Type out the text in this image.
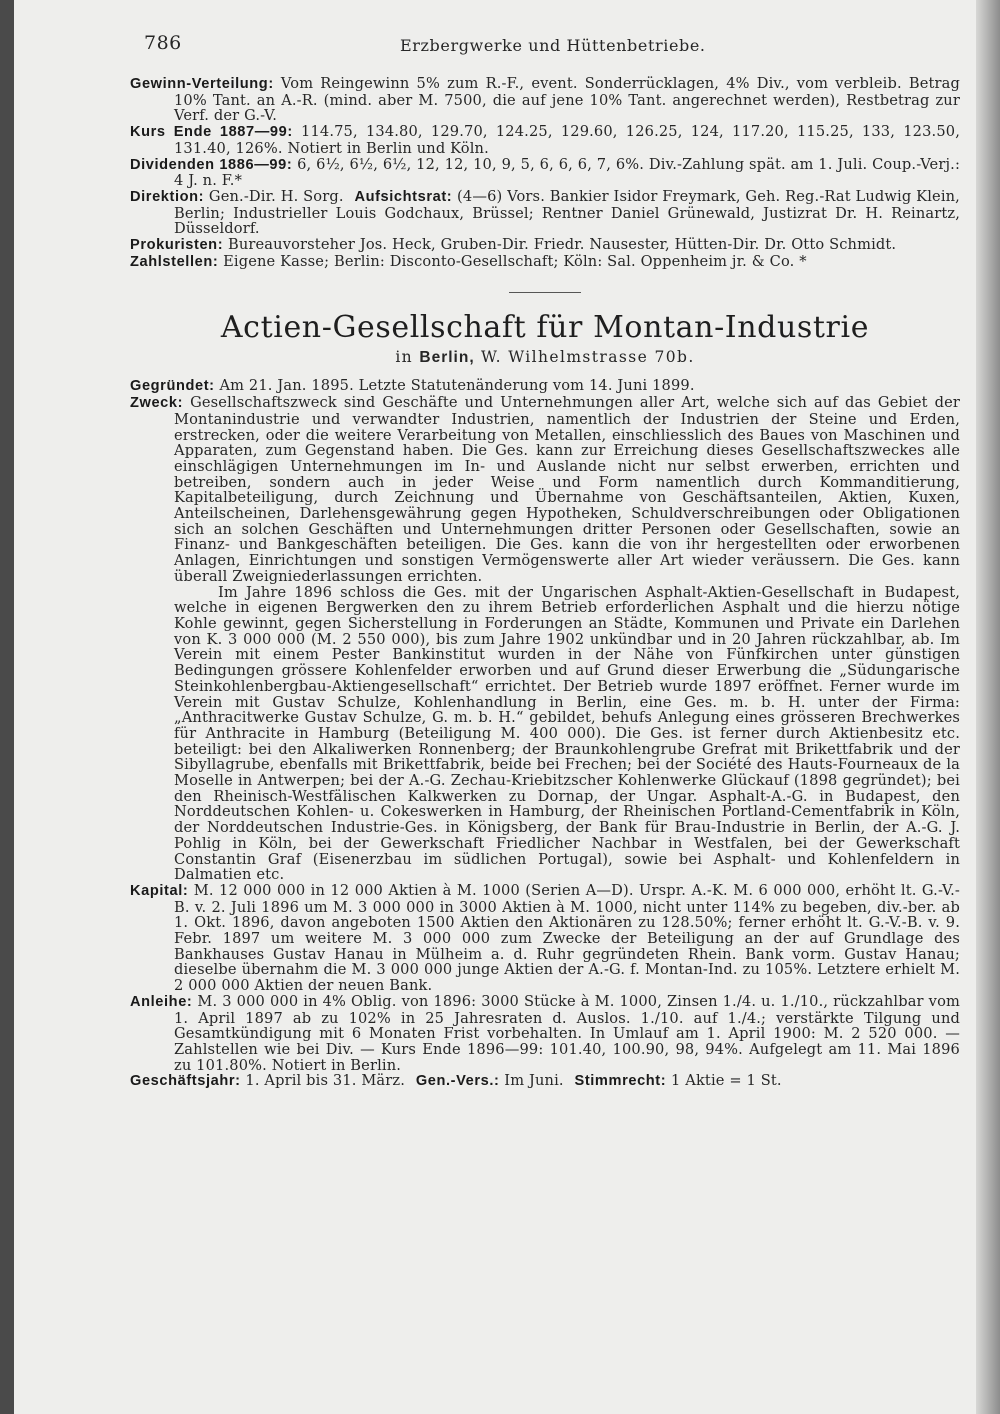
786	Erzbergwerke und Hüttenbetriebe.

Gewinn-Verteilung: Vom Reingewinn 5% zum R.-F., event. Sonderrücklagen, 4% Div., vom verbleib. Betrag 10% Tant. an A.-R. (mind. aber M. 7500, die auf jene 10% Tant. angerechnet werden), Restbetrag zur Verf. der G.-V.

Kurs Ende 1887—99: 114.75, 134.80, 129.70, 124.25, 129.60, 126.25, 124, 117.20, 115.25, 133, 123.50, 131.40, 126%. Notiert in Berlin und Köln.

Dividenden 1886—99: 6, 6½, 6½, 6½, 12, 12, 10, 9, 5, 6, 6, 6, 7, 6%. Div.-Zahlung spät. am 1. Juli. Coup.-Verj.: 4 J. n. F.*

Direktion: Gen.-Dir. H. Sorg. Aufsichtsrat: (4—6) Vors. Bankier Isidor Freymark, Geh. Reg.-Rat Ludwig Klein, Berlin; Industrieller Louis Godchaux, Brüssel; Rentner Daniel Grünewald, Justizrat Dr. H. Reinartz, Düsseldorf.

Prokuristen: Bureauvorsteher Jos. Heck, Gruben-Dir. Friedr. Nausester, Hütten-Dir. Dr. Otto Schmidt.

Zahlstellen: Eigene Kasse; Berlin: Disconto-Gesellschaft; Köln: Sal. Oppenheim jr. & Co. *

Actien-Gesellschaft für Montan-Industrie
in Berlin, W. Wilhelmstrasse 70b.

Gegründet: Am 21. Jan. 1895. Letzte Statutenänderung vom 14. Juni 1899.

Zweck: Gesellschaftszweck sind Geschäfte und Unternehmungen aller Art, welche sich auf das Gebiet der Montanindustrie und verwandter Industrien, namentlich der Industrien der Steine und Erden, erstrecken, oder die weitere Verarbeitung von Metallen, einschliesslich des Baues von Maschinen und Apparaten, zum Gegenstand haben. Die Ges. kann zur Erreichung dieses Gesellschaftszweckes alle einschlägigen Unternehmungen im In- und Auslande nicht nur selbst erwerben, errichten und betreiben, sondern auch in jeder Weise und Form namentlich durch Kommanditierung, Kapitalbeteiligung, durch Zeichnung und Übernahme von Geschäftsanteilen, Aktien, Kuxen, Anteilscheinen, Darlehensgewährung gegen Hypotheken, Schuldverschreibungen oder Obligationen sich an solchen Geschäften und Unternehmungen dritter Personen oder Gesellschaften, sowie an Finanz- und Bankgeschäften beteiligen. Die Ges. kann die von ihr hergestellten oder erworbenen Anlagen, Einrichtungen und sonstigen Vermögenswerte aller Art wieder veräussern. Die Ges. kann überall Zweigniederlassungen errichten.

Im Jahre 1896 schloss die Ges. mit der Ungarischen Asphalt-Aktien-Gesellschaft in Budapest, welche in eigenen Bergwerken den zu ihrem Betrieb erforderlichen Asphalt und die hierzu nötige Kohle gewinnt, gegen Sicherstellung in Forderungen an Städte, Kommunen und Private ein Darlehen von K. 3 000 000 (M. 2 550 000), bis zum Jahre 1902 unkündbar und in 20 Jahren rückzahlbar, ab. Im Verein mit einem Pester Bankinstitut wurden in der Nähe von Fünfkirchen unter günstigen Bedingungen grössere Kohlenfelder erworben und auf Grund dieser Erwerbung die „Südungarische Steinkohlenbergbau-Aktiengesellschaft“ errichtet. Der Betrieb wurde 1897 eröffnet. Ferner wurde im Verein mit Gustav Schulze, Kohlenhandlung in Berlin, eine Ges. m. b. H. unter der Firma: „Anthracitwerke Gustav Schulze, G. m. b. H.“ gebildet, behufs Anlegung eines grösseren Brechwerkes für Anthracite in Hamburg (Beteiligung M. 400 000). Die Ges. ist ferner durch Aktienbesitz etc. beteiligt: bei den Alkaliwerken Ronnenberg; der Braunkohlengrube Grefrat mit Brikettfabrik und der Sibyllagrube, ebenfalls mit Brikettfabrik, beide bei Frechen; bei der Société des Hauts-Fourneaux de la Moselle in Antwerpen; bei der A.-G. Zechau-Kriebitzscher Kohlenwerke Glückauf (1898 gegründet); bei den Rheinisch-Westfälischen Kalkwerken zu Dornap, der Ungar. Asphalt-A.-G. in Budapest, den Norddeutschen Kohlen- u. Cokeswerken in Hamburg, der Rheinischen Portland-Cementfabrik in Köln, der Norddeutschen Industrie-Ges. in Königsberg, der Bank für Brau-Industrie in Berlin, der A.-G. J. Pohlig in Köln, bei der Gewerkschaft Friedlicher Nachbar in Westfalen, bei der Gewerkschaft Constantin Graf (Eisenerzbau im südlichen Portugal), sowie bei Asphalt- und Kohlenfeldern in Dalmatien etc.

Kapital: M. 12 000 000 in 12 000 Aktien à M. 1000 (Serien A—D). Urspr. A.-K. M. 6 000 000, erhöht lt. G.-V.-B. v. 2. Juli 1896 um M. 3 000 000 in 3000 Aktien à M. 1000, nicht unter 114% zu begeben, div.-ber. ab 1. Okt. 1896, davon angeboten 1500 Aktien den Aktionären zu 128.50%; ferner erhöht lt. G.-V.-B. v. 9. Febr. 1897 um weitere M. 3 000 000 zum Zwecke der Beteiligung an der auf Grundlage des Bankhauses Gustav Hanau in Mülheim a. d. Ruhr gegründeten Rhein. Bank vorm. Gustav Hanau; dieselbe übernahm die M. 3 000 000 junge Aktien der A.-G. f. Montan-Ind. zu 105%. Letztere erhielt M. 2 000 000 Aktien der neuen Bank.

Anleihe: M. 3 000 000 in 4% Oblig. von 1896: 3000 Stücke à M. 1000, Zinsen 1./4. u. 1./10., rückzahlbar vom 1. April 1897 ab zu 102% in 25 Jahresraten d. Auslos. 1./10. auf 1./4.; verstärkte Tilgung und Gesamtkündigung mit 6 Monaten Frist vorbehalten. In Umlauf am 1. April 1900: M. 2 520 000. — Zahlstellen wie bei Div. — Kurs Ende 1896—99: 101.40, 100.90, 98, 94%. Aufgelegt am 11. Mai 1896 zu 101.80%. Notiert in Berlin.

Geschäftsjahr: 1. April bis 31. März. Gen.-Vers.: Im Juni. Stimmrecht: 1 Aktie = 1 St.
